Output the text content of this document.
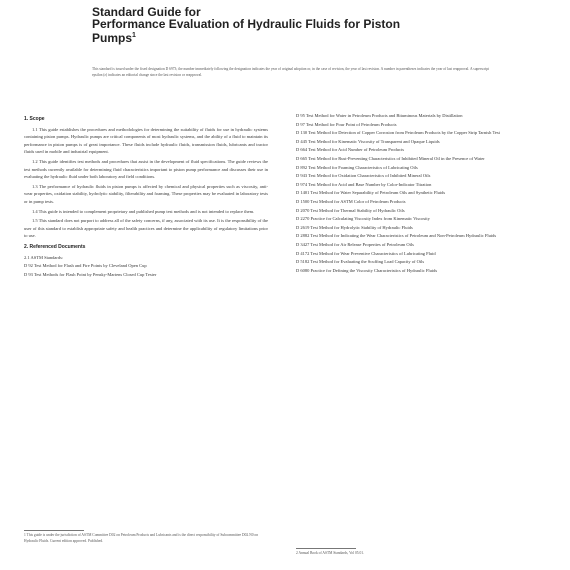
Standard Guide for
Performance Evaluation of Hydraulic Fluids for Piston
Pumps$^1$
This standard is issued under the fixed designation D 6973; the number immediately following the designation indicates the year of original adoption or, in the case of revision, the year of last revision. A number in parentheses indicates the year of last reapproval. A superscript epsilon (ε) indicates an editorial change since the last revision or reapproval.
1. Scope
1.1 This guide establishes the procedures and methodologies for determining the suitability of fluids for use in hydraulic systems containing piston pumps. Hydraulic pumps are critical components of most hydraulic systems, and the ability of a fluid to maintain its performance in piston pumps is of great importance. These fluids include hydraulic fluids, transmission fluids, lubricants and tractor fluids used in mobile and industrial equipment.
1.2 This guide identifies test methods and procedures that assist in the development of fluid specifications. The guide reviews the test methods currently available for determining fluid characteristics important to piston pump performance and discusses their use in evaluating the hydraulic fluid under both laboratory and field conditions.
1.3 The performance of hydraulic fluids in piston pumps is affected by chemical and physical properties such as viscosity, anti-wear properties, oxidation stability, hydrolytic stability, filterability and foaming. These properties may be evaluated in laboratory tests or in pump tests.
1.4 This guide is intended to complement proprietary and published pump test methods and is not intended to replace them.
1.5 This standard does not purport to address all of the safety concerns, if any, associated with its use. It is the responsibility of the user of this standard to establish appropriate safety and health practices and determine the applicability of regulatory limitations prior to use.
2. Referenced Documents
2.1 ASTM Standards:
D 92 Test Method for Flash and Fire Points by Cleveland Open Cup
D 93 Test Methods for Flash Point by Pensky-Martens Closed Cup Tester
D 95 Test Method for Water in Petroleum Products and Bituminous Materials by Distillation
D 97 Test Method for Pour Point of Petroleum Products
D 130 Test Method for Detection of Copper Corrosion from Petroleum Products by the Copper Strip Tarnish Test
D 445 Test Method for Kinematic Viscosity of Transparent and Opaque Liquids
D 664 Test Method for Acid Number of Petroleum Products
D 665 Test Method for Rust-Preventing Characteristics of Inhibited Mineral Oil in the Presence of Water
D 892 Test Method for Foaming Characteristics of Lubricating Oils
D 943 Test Method for Oxidation Characteristics of Inhibited Mineral Oils
D 974 Test Method for Acid and Base Number by Color-Indicator Titration
D 1401 Test Method for Water Separability of Petroleum Oils and Synthetic Fluids
D 1500 Test Method for ASTM Color of Petroleum Products
D 2070 Test Method for Thermal Stability of Hydraulic Oils
D 2270 Practice for Calculating Viscosity Index from Kinematic Viscosity
D 2619 Test Method for Hydrolytic Stability of Hydraulic Fluids
D 2882 Test Method for Indicating the Wear Characteristics of Petroleum and Non-Petroleum Hydraulic Fluids
D 3427 Test Method for Air Release Properties of Petroleum Oils
D 4172 Test Method for Wear Preventive Characteristics of Lubricating Fluid
D 5182 Test Method for Evaluating the Scuffing Load Capacity of Oils
D 6080 Practice for Defining the Viscosity Characteristics of Hydraulic Fluids
1 This guide is under the jurisdiction of ASTM Committee D02 on Petroleum Products and Lubricants and is the direct responsibility of Subcommittee D02.N0 on Hydraulic Fluids. Current edition approved. Published.
2 Annual Book of ASTM Standards, Vol 05.01.
